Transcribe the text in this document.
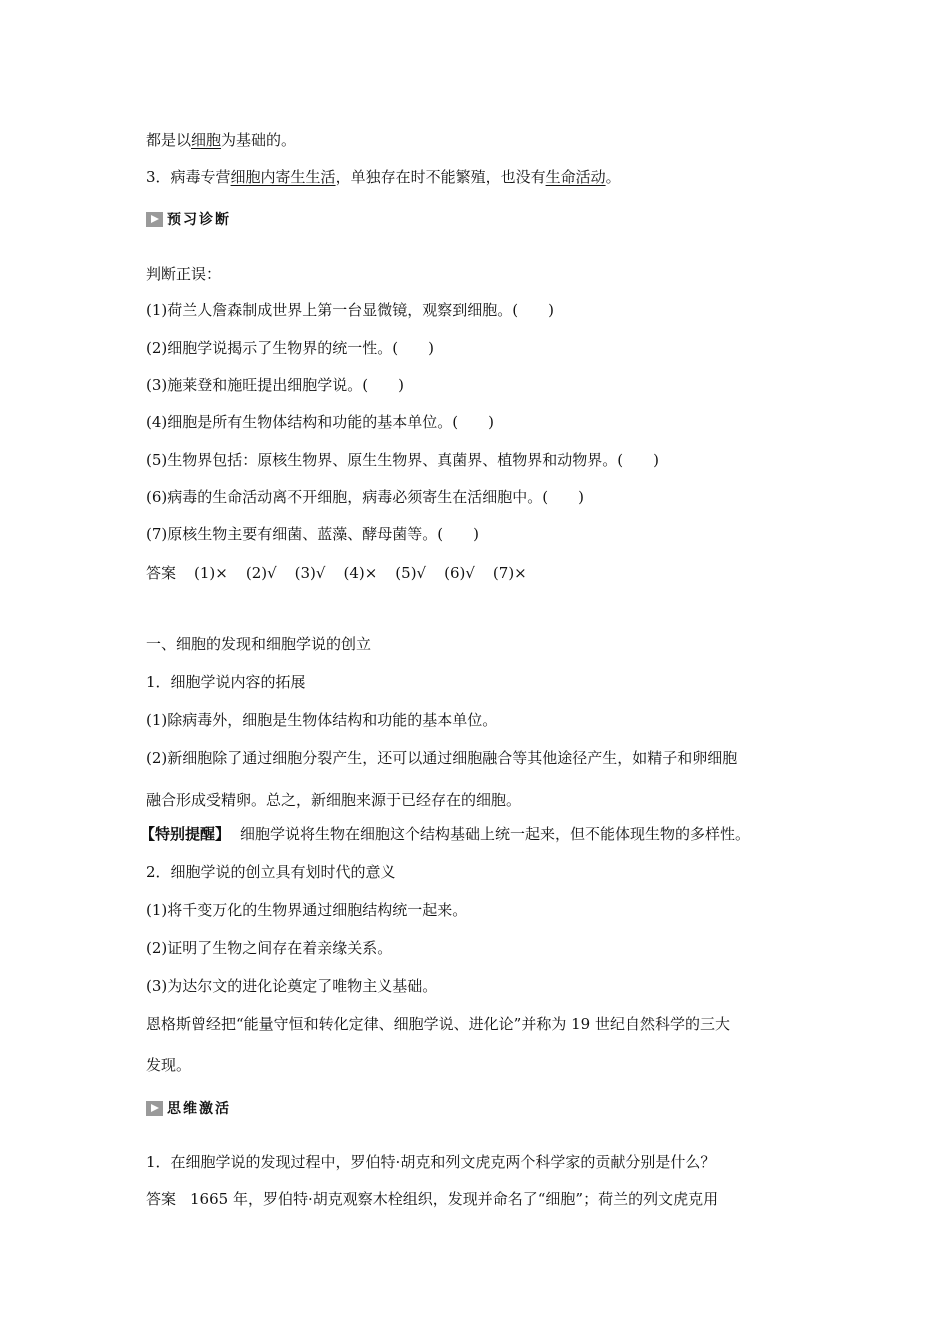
都是以细胞为基础的。
3．病毒专营细胞内寄生生活，单独存在时不能繁殖，也没有生命活动。
预习诊断
判断正误：
(1)荷兰人詹森制成世界上第一台显微镜，观察到细胞。(　　)
(2)细胞学说揭示了生物界的统一性。(　　)
(3)施莱登和施旺提出细胞学说。(　　)
(4)细胞是所有生物体结构和功能的基本单位。(　　)
(5)生物界包括：原核生物界、原生生物界、真菌界、植物界和动物界。(　　)
(6)病毒的生命活动离不开细胞，病毒必须寄生在活细胞中。(　　)
(7)原核生物主要有细菌、蓝藻、酵母菌等。(　　)
答案 (1)× (2)√ (3)√ (4)× (5)√ (6)√ (7)×
一、细胞的发现和细胞学说的创立
1．细胞学说内容的拓展
(1)除病毒外，细胞是生物体结构和功能的基本单位。
(2)新细胞除了通过细胞分裂产生，还可以通过细胞融合等其他途径产生，如精子和卵细胞
融合形成受精卵。总之，新细胞来源于已经存在的细胞。
【特别提醒】 细胞学说将生物在细胞这个结构基础上统一起来，但不能体现生物的多样性。
2．细胞学说的创立具有划时代的意义
(1)将千变万化的生物界通过细胞结构统一起来。
(2)证明了生物之间存在着亲缘关系。
(3)为达尔文的进化论奠定了唯物主义基础。
恩格斯曾经把“能量守恒和转化定律、细胞学说、进化论”并称为 19 世纪自然科学的三大
发现。
思维激活
1．在细胞学说的发现过程中，罗伯特·胡克和列文虎克两个科学家的贡献分别是什么？
答案 1665 年，罗伯特·胡克观察木栓组织，发现并命名了“细胞”；荷兰的列文虎克用
